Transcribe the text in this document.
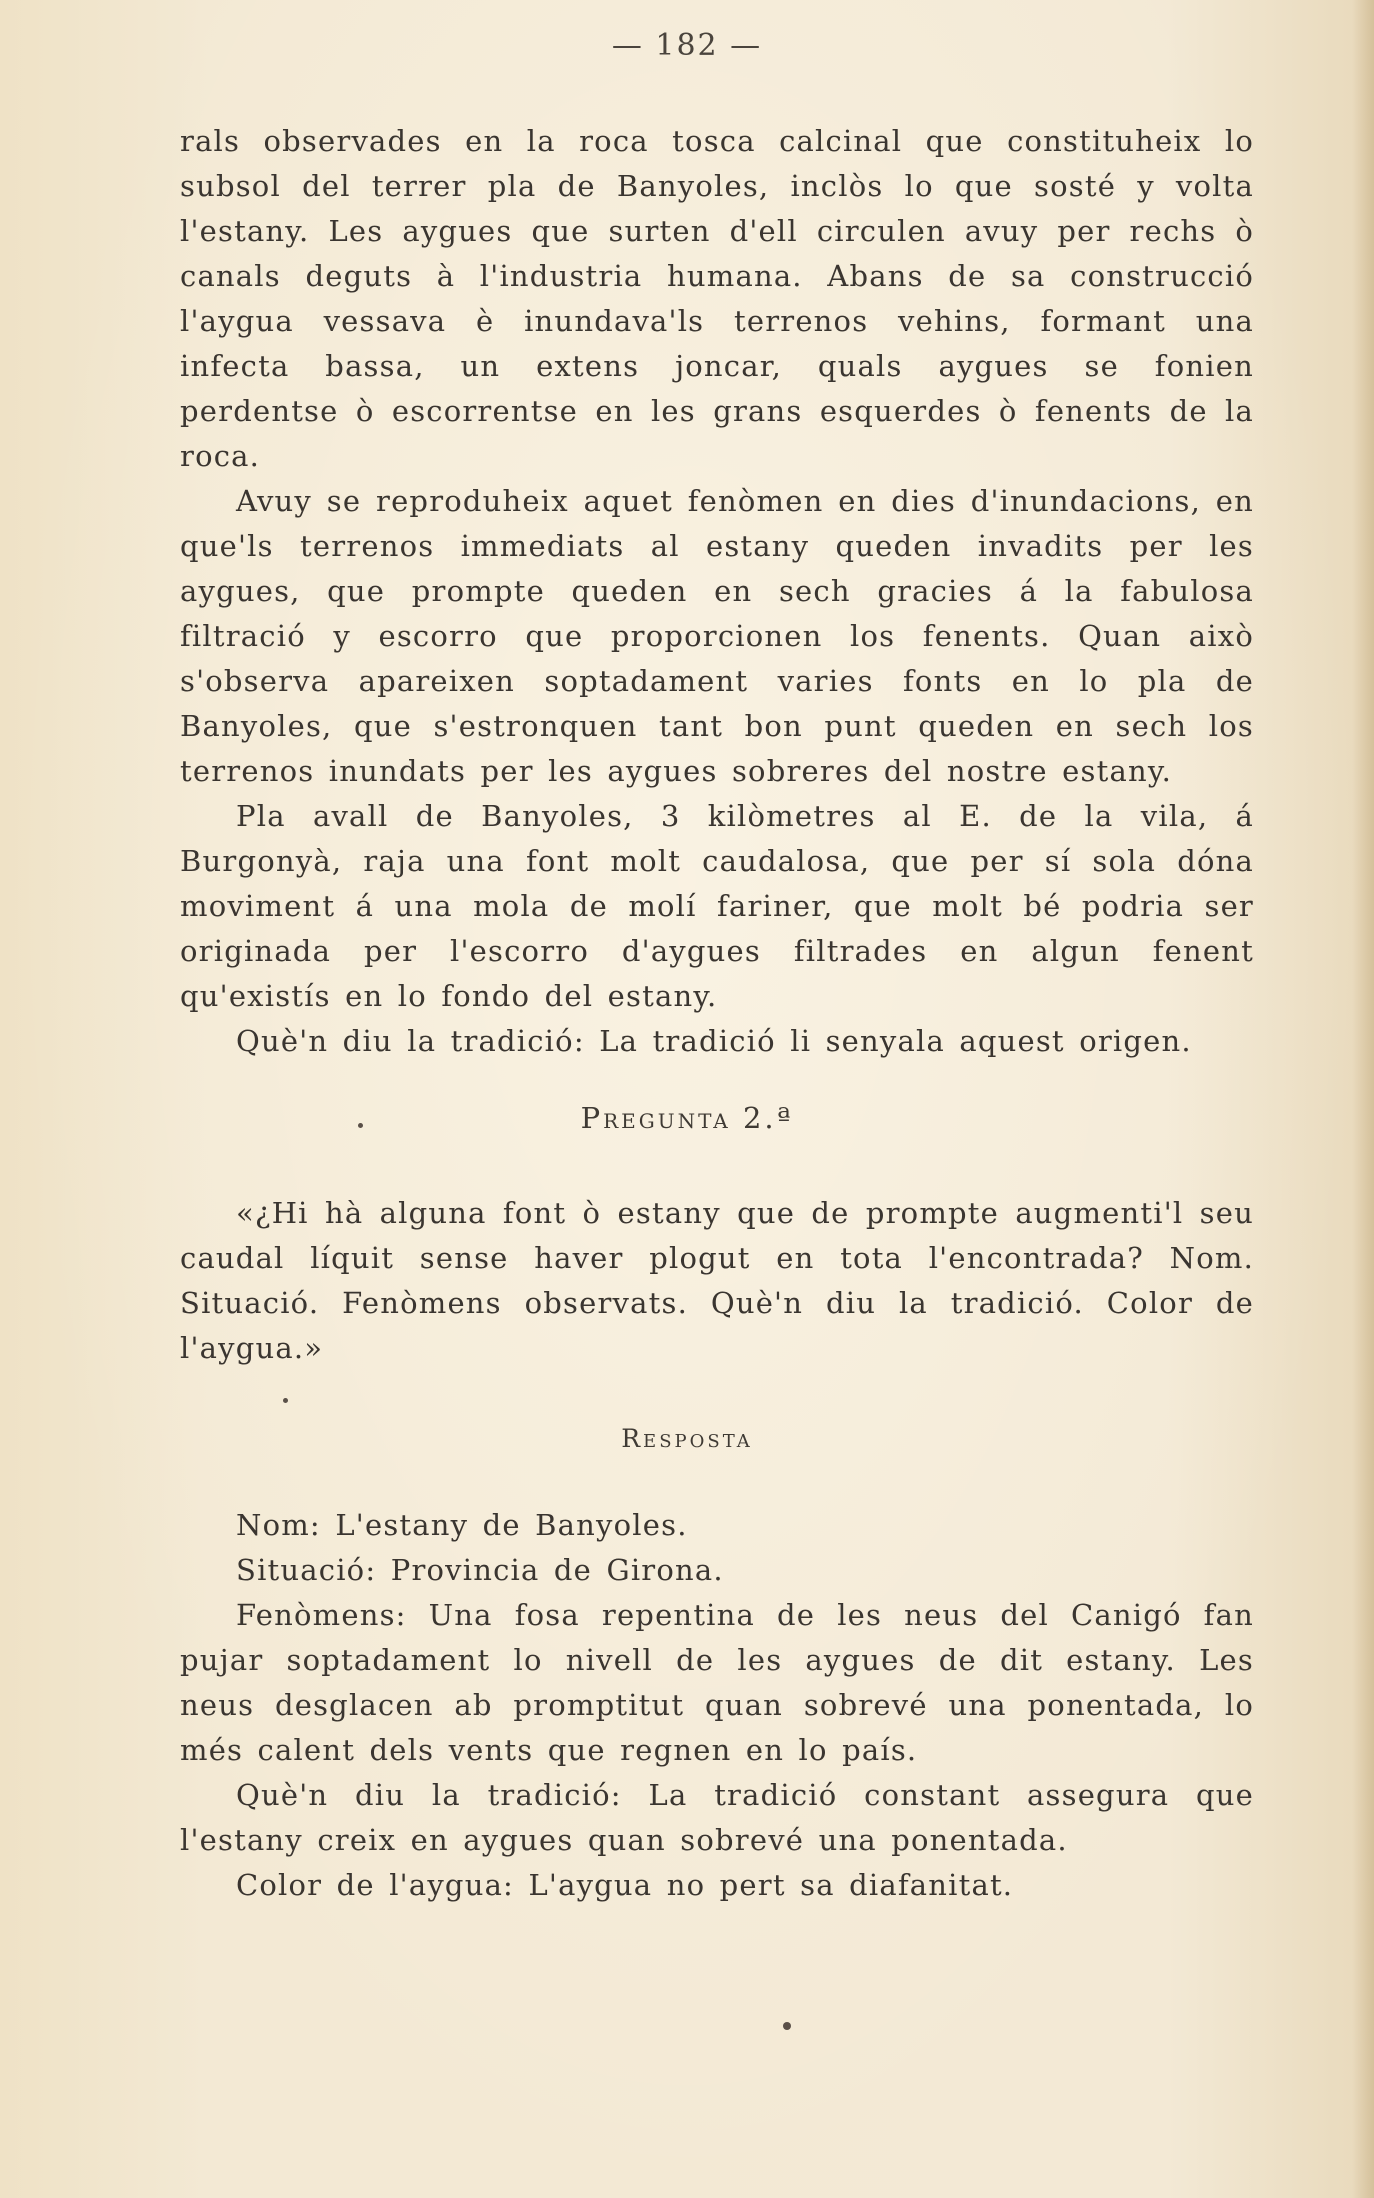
— 182 —

rals observades en la roca tosca calcinal que constituheix lo subsol del terrer pla de Banyoles, inclòs lo que sosté y volta l'estany. Les aygues que surten d'ell circulen avuy per rechs ò canals deguts à l'industria humana. Abans de sa construcció l'aygua vessava è inundava'ls terrenos vehins, formant una infecta bassa, un extens joncar, quals aygues se fonien perdentse ò escorrentse en les grans esquerdes ò fenents de la roca.

Avuy se reproduheix aquet fenòmen en dies d'inundacions, en que'ls terrenos immediats al estany queden invadits per les aygues, que prompte queden en sech gracies á la fabulosa filtració y escorro que proporcionen los fenents. Quan això s'observa apareixen soptadament varies fonts en lo pla de Banyoles, que s'estronquen tant bon punt queden en sech los terrenos inundats per les aygues sobreres del nostre estany.

Pla avall de Banyoles, 3 kilòmetres al E. de la vila, á Burgonyà, raja una font molt caudalosa, que per sí sola dóna moviment á una mola de molí fariner, que molt bé podria ser originada per l'escorro d'aygues filtrades en algun fenent qu'existís en lo fondo del estany.

Què'n diu la tradició: La tradició li senyala aquest origen.

Pregunta 2.ª

«¿Hi hà alguna font ò estany que de prompte augmenti'l seu caudal líquit sense haver plogut en tota l'encontrada? Nom. Situació. Fenòmens observats. Què'n diu la tradició. Color de l'aygua.»

Resposta

Nom: L'estany de Banyoles.

Situació: Provincia de Girona.

Fenòmens: Una fosa repentina de les neus del Canigó fan pujar soptadament lo nivell de les aygues de dit estany. Les neus desglacen ab promptitut quan sobrevé una ponentada, lo més calent dels vents que regnen en lo país.

Què'n diu la tradició: La tradició constant assegura que l'estany creix en aygues quan sobrevé una ponentada.

Color de l'aygua: L'aygua no pert sa diafanitat.
